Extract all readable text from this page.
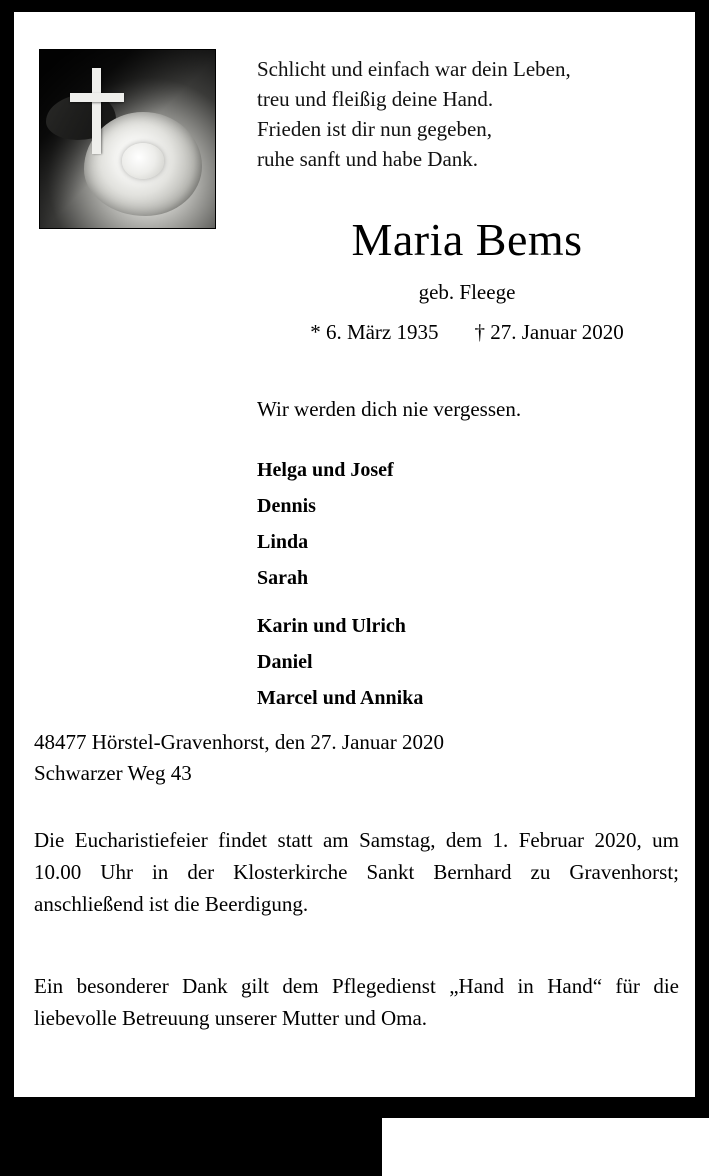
Schlicht und einfach war dein Leben,
treu und fleißig deine Hand.
Frieden ist dir nun gegeben,
ruhe sanft und habe Dank.
Maria Bems
geb. Fleege
* 6. März 1935 † 27. Januar 2020
Wir werden dich nie vergessen.
Helga und Josef
Dennis
Linda
Sarah
Karin und Ulrich
Daniel
Marcel und Annika
48477 Hörstel-Gravenhorst, den 27. Januar 2020
Schwarzer Weg 43
Die Eucharistiefeier findet statt am Samstag, dem 1. Februar 2020, um 10.00 Uhr in der Klosterkirche Sankt Bernhard zu Gravenhorst; anschließend ist die Beerdigung.
Ein besonderer Dank gilt dem Pflegedienst „Hand in Hand“ für die liebevolle Betreuung unserer Mutter und Oma.
